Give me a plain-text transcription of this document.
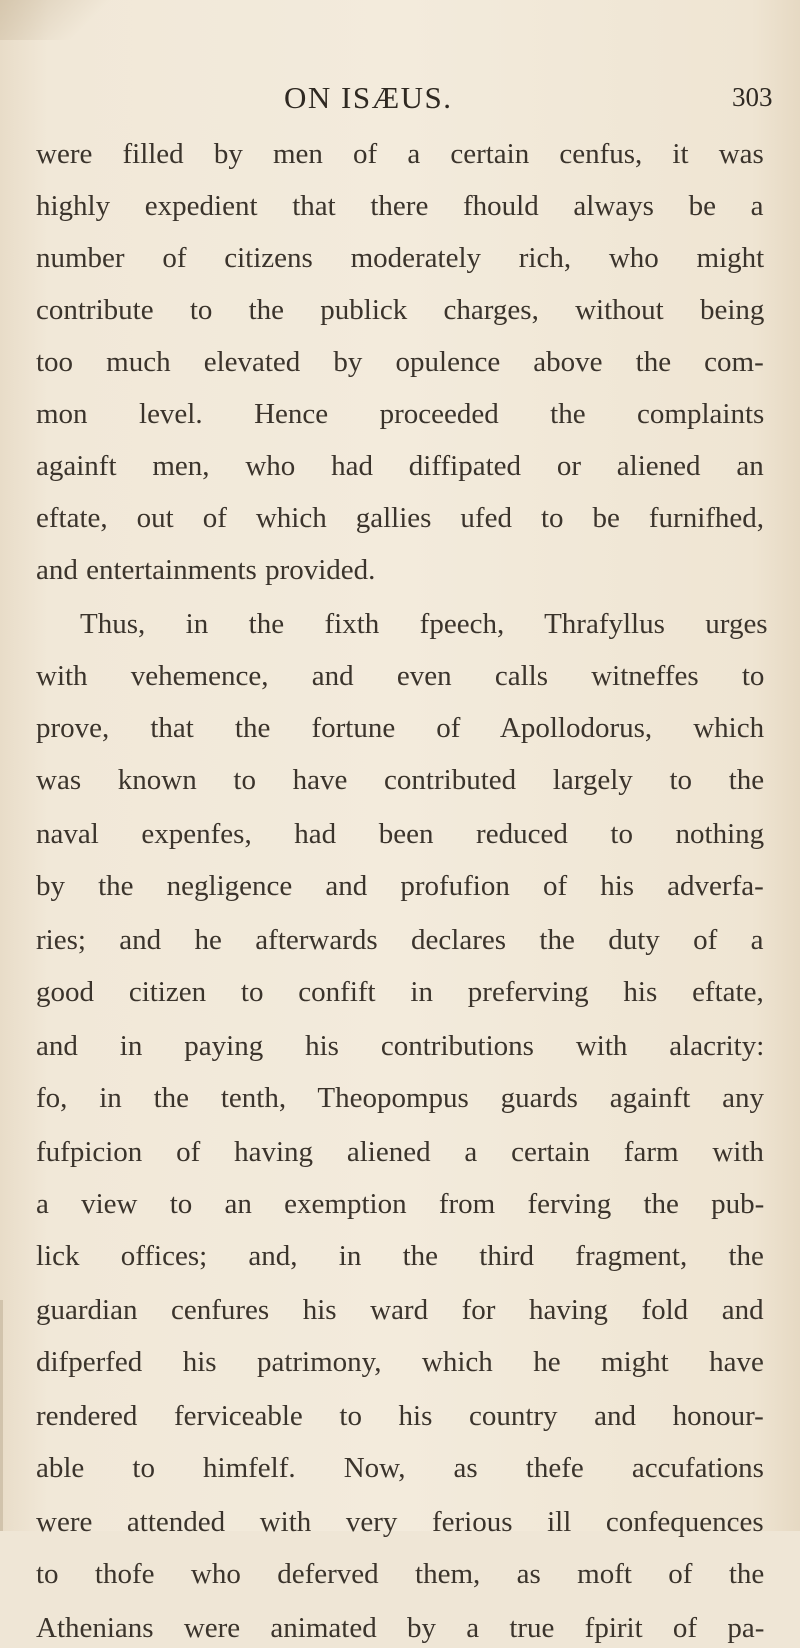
ON ISÆUS.	303
were filled by men of a certain cenfus, it was
highly expedient that there fhould always be a
number of citizens moderately rich, who might
contribute to the publick charges, without being
too much elevated by opulence above the com-
mon level. Hence proceeded the complaints
againft men, who had diffipated or aliened an
eftate, out of which gallies ufed to be furnifhed,
and entertainments provided.
Thus, in the fixth fpeech, Thrafyllus urges
with vehemence, and even calls witneffes to
prove, that the fortune of Apollodorus, which
was known to have contributed largely to the
naval expenfes, had been reduced to nothing
by the negligence and profufion of his adverfa-
ries; and he afterwards declares the duty of a
good citizen to confift in preferving his eftate,
and in paying his contributions with alacrity:
fo, in the tenth, Theopompus guards againft any
fufpicion of having aliened a certain farm with
a view to an exemption from ferving the pub-
lick offices; and, in the third fragment, the
guardian cenfures his ward for having fold and
difperfed his patrimony, which he might have
rendered ferviceable to his country and honour-
able to himfelf. Now, as thefe accufations
were attended with very ferious ill confequences
to thofe who deferved them, as moft of the
Athenians were animated by a true fpirit of pa-
